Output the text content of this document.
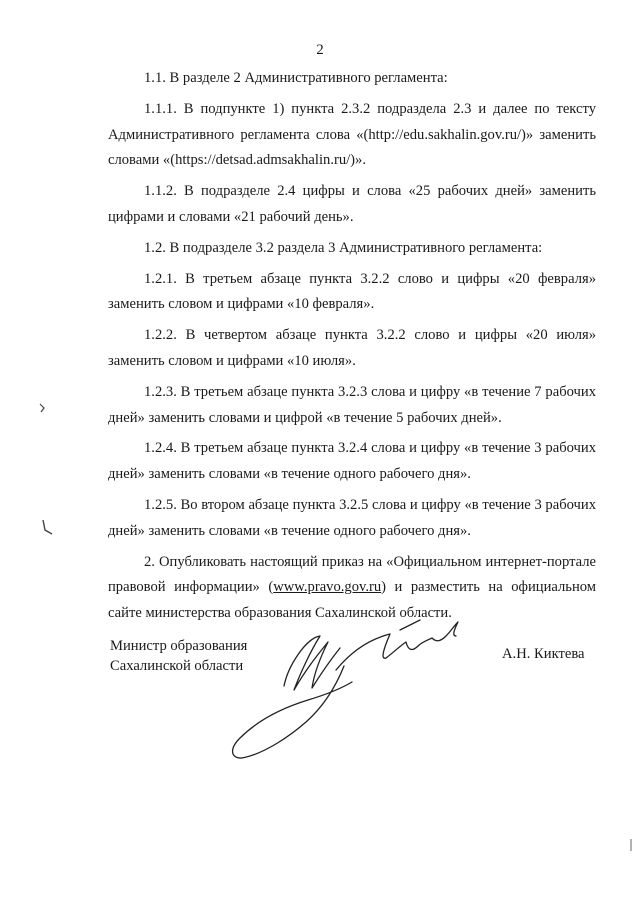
2

1.1. В разделе 2 Административного регламента:

1.1.1. В подпункте 1) пункта 2.3.2 подраздела 2.3 и далее по тексту Административного регламента слова «(http://edu.sakhalin.gov.ru/)» заменить словами «(https://detsad.admsakhalin.ru/)».

1.1.2. В подразделе 2.4 цифры и слова «25 рабочих дней» заменить цифрами и словами «21 рабочий день».

1.2. В подразделе 3.2 раздела 3 Административного регламента:

1.2.1. В третьем абзаце пункта 3.2.2 слово и цифры «20 февраля» заменить словом и цифрами «10 февраля».

1.2.2. В четвертом абзаце пункта 3.2.2 слово и цифры «20 июля» заменить словом и цифрами «10 июля».

1.2.3. В третьем абзаце пункта 3.2.3 слова и цифру «в течение 7 рабочих дней» заменить словами и цифрой «в течение 5 рабочих дней».

1.2.4. В третьем абзаце пункта 3.2.4 слова и цифру «в течение 3 рабочих дней» заменить словами «в течение одного рабочего дня».

1.2.5. Во втором абзаце пункта 3.2.5 слова и цифру «в течение 3 рабочих дней» заменить словами «в течение одного рабочего дня».

2. Опубликовать настоящий приказ на «Официальном интернет-портале правовой информации» (www.pravo.gov.ru) и разместить на официальном сайте министерства образования Сахалинской области.

Министр образования
Сахалинской области
А.Н. Киктева
